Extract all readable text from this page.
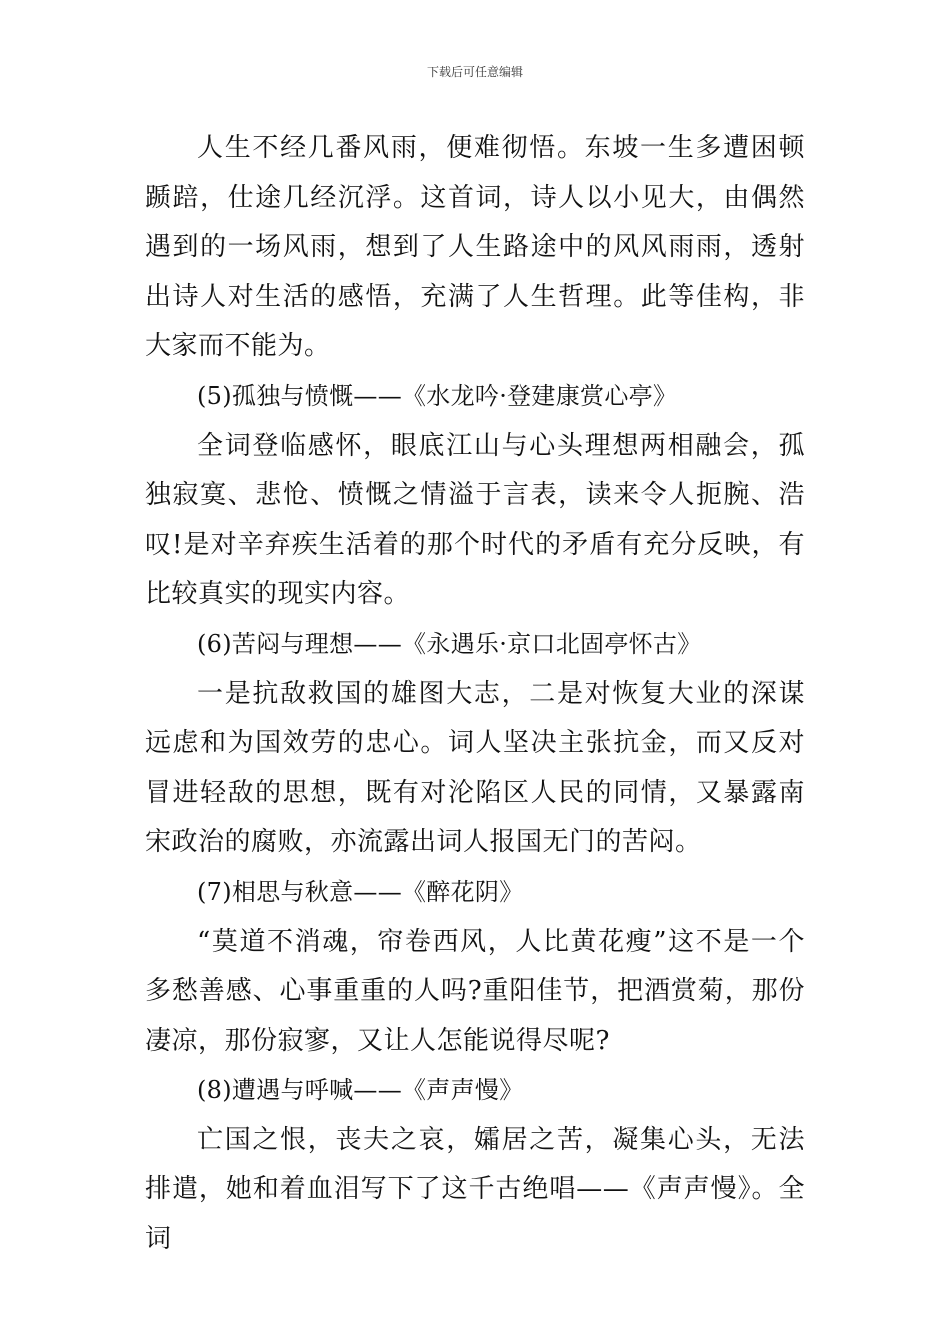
下载后可任意编辑

人生不经几番风雨，便难彻悟。东坡一生多遭困顿踬踣，仕途几经沉浮。这首词，诗人以小见大，由偶然遇到的一场风雨，想到了人生路途中的风风雨雨，透射出诗人对生活的感悟，充满了人生哲理。此等佳构，非大家而不能为。

(5)孤独与愤慨——《水龙吟·登建康赏心亭》

全词登临感怀，眼底江山与心头理想两相融会，孤独寂寞、悲怆、愤慨之情溢于言表，读来令人扼腕、浩叹!是对辛弃疾生活着的那个时代的矛盾有充分反映，有比较真实的现实内容。

(6)苦闷与理想——《永遇乐·京口北固亭怀古》

一是抗敌救国的雄图大志，二是对恢复大业的深谋远虑和为国效劳的忠心。词人坚决主张抗金，而又反对冒进轻敌的思想，既有对沦陷区人民的同情，又暴露南宋政治的腐败，亦流露出词人报国无门的苦闷。

(7)相思与秋意——《醉花阴》

“莫道不消魂，帘卷西风，人比黄花瘦”这不是一个多愁善感、心事重重的人吗?重阳佳节，把酒赏菊，那份凄凉，那份寂寥，又让人怎能说得尽呢?

(8)遭遇与呼喊——《声声慢》

亡国之恨，丧夫之哀，孀居之苦，凝集心头，无法排遣，她和着血泪写下了这千古绝唱——《声声慢》。全词
